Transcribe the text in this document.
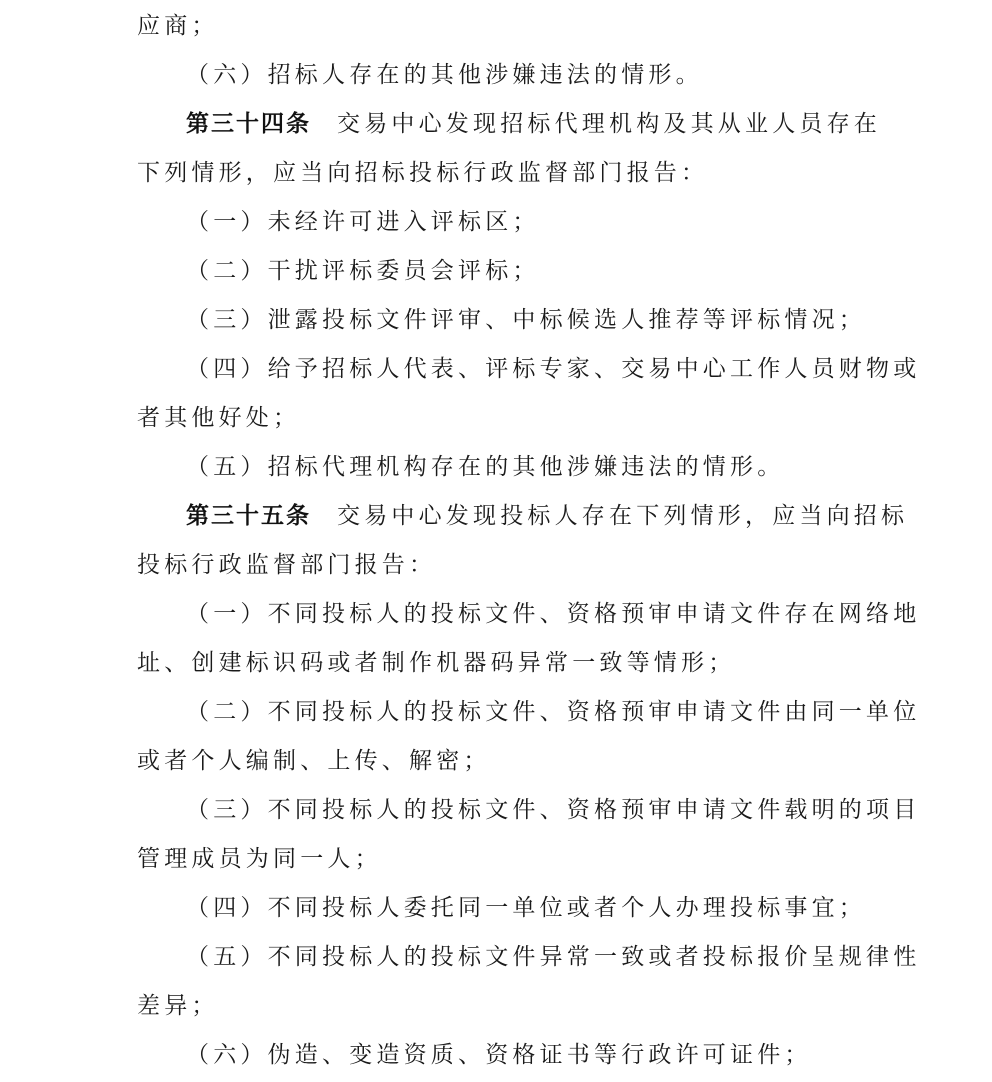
应商；
（六）招标人存在的其他涉嫌违法的情形。
第三十四条 交易中心发现招标代理机构及其从业人员存在
下列情形，应当向招标投标行政监督部门报告：
（一）未经许可进入评标区；
（二）干扰评标委员会评标；
（三）泄露投标文件评审、中标候选人推荐等评标情况；
（四）给予招标人代表、评标专家、交易中心工作人员财物或
者其他好处；
（五）招标代理机构存在的其他涉嫌违法的情形。
第三十五条 交易中心发现投标人存在下列情形，应当向招标
投标行政监督部门报告：
（一）不同投标人的投标文件、资格预审申请文件存在网络地
址、创建标识码或者制作机器码异常一致等情形；
（二）不同投标人的投标文件、资格预审申请文件由同一单位
或者个人编制、上传、解密；
（三）不同投标人的投标文件、资格预审申请文件载明的项目
管理成员为同一人；
（四）不同投标人委托同一单位或者个人办理投标事宜；
（五）不同投标人的投标文件异常一致或者投标报价呈规律性
差异；
（六）伪造、变造资质、资格证书等行政许可证件；
